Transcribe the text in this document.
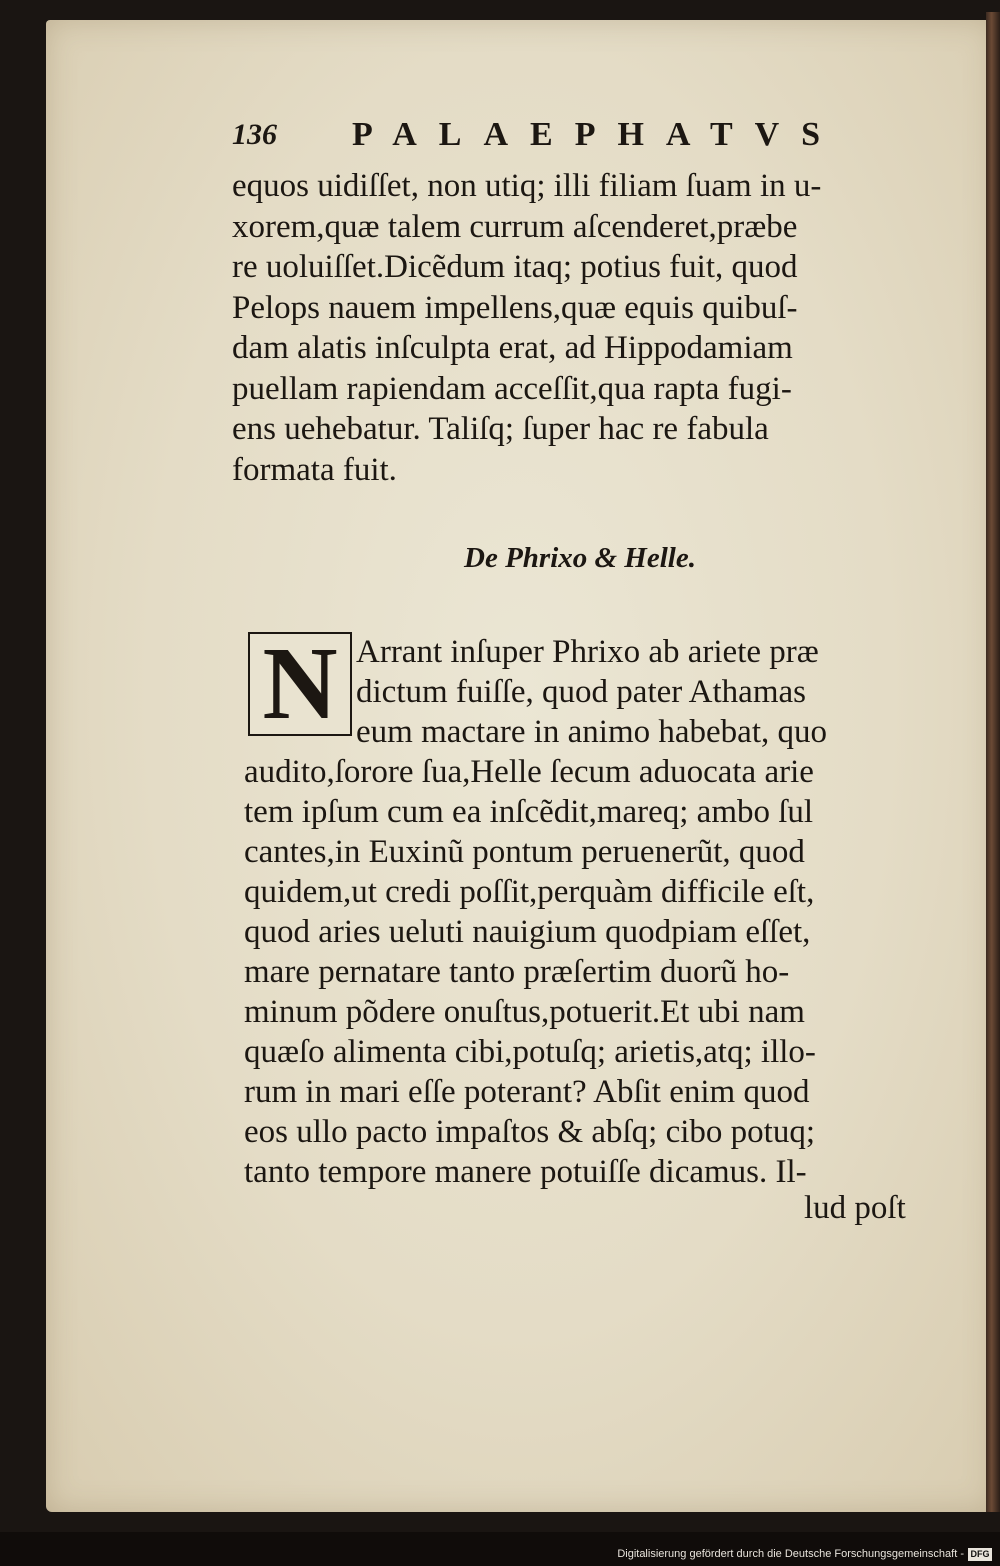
136 PALAEPHATVS
equos uidiſſet, non utiq; illi filiam ſuam in u-
xorem,quæ talem currum aſcenderet,præbe
re uoluiſſet.Dicẽdum itaq; potius fuit, quod
Pelops nauem impellens,quæ equis quibuſ-
dam alatis inſculpta erat, ad Hippodamiam
puellam rapiendam acceſſit,qua rapta fugi-
ens uehebatur. Taliſq; ſuper hac re fabula
formata fuit.
De Phrixo & Helle.
N Arrant inſuper Phrixo ab ariete præ
dictum fuiſſe, quod pater Athamas
eum mactare in animo habebat, quo
audito,ſorore ſua,Helle ſecum aduocata arie
tem ipſum cum ea inſcẽdit,mareq; ambo ſul
cantes,in Euxinũ pontum peruenerũt, quod
quidem,ut credi poſſit,perquàm difficile eſt,
quod aries ueluti nauigium quodpiam eſſet,
mare pernatare tanto præſertim duorũ ho-
minum põdere onuſtus,potuerit.Et ubi nam
quæſo alimenta cibi,potuſq; arietis,atq; illo-
rum in mari eſſe poterant? Abſit enim quod
eos ullo pacto impaſtos & abſq; cibo potuq;
tanto tempore manere potuiſſe dicamus. Il-
lud poſt
Digitalisierung gefördert durch die Deutsche Forschungsgemeinschaft - DFG
